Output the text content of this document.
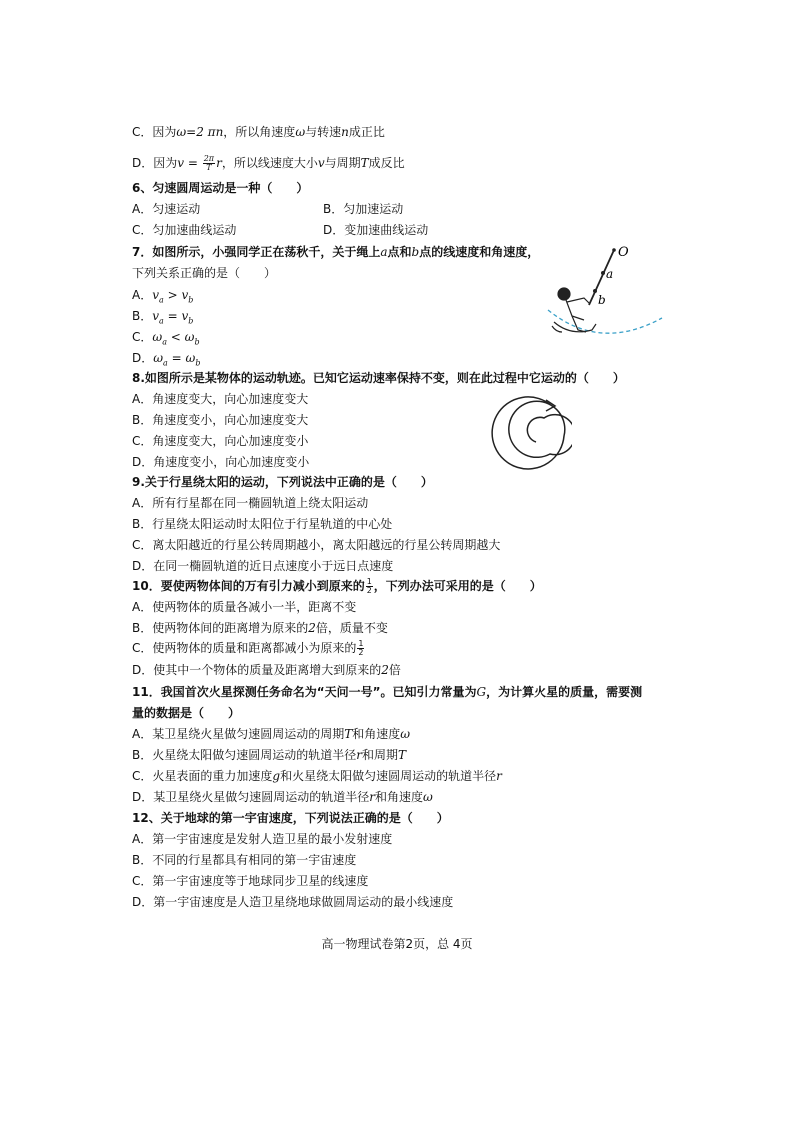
C．因为ω=2 πn，所以角速度ω与转速n成正比
D．因为$v = \frac{2\pi}{T}$ r，所以线速度大小v与周期T成反比
6、匀速圆周运动是一种（　　）
A．匀速运动	B．匀加速运动
C．匀加速曲线运动	D．变加速曲线运动
7．如图所示，小强同学正在荡秋千，关于绳上a点和b点的线速度和角速度，
下列关系正确的是（　　）
A．$v_a > v_b$
B．$v_a = v_b$
C．$\omega_a < \omega_b$
D．$\omega_a = \omega_b$
O
a
b
8.如图所示是某物体的运动轨迹。已知它运动速率保持不变，则在此过程中它运动的（　　）
A．角速度变大，向心加速度变大
B．角速度变小，向心加速度变大
C．角速度变大，向心加速度变小
D．角速度变小，向心加速度变小
9.关于行星绕太阳的运动，下列说法中正确的是（　　）
A．所有行星都在同一椭圆轨道上绕太阳运动
B．行星绕太阳运动时太阳位于行星轨道的中心处
C．离太阳越近的行星公转周期越小，离太阳越远的行星公转周期越大
D．在同一椭圆轨道的近日点速度小于远日点速度
10．要使两物体间的万有引力减小到原来的 $\frac{1}{2}$ ，下列办法可采用的是（　　）
A．使两物体的质量各减小一半，距离不变
B．使两物体间的距离增为原来的2倍，质量不变
C．使两物体的质量和距离都减小为原来的 $\frac{1}{2}$
D．使其中一个物体的质量及距离增大到原来的2倍
11．我国首次火星探测任务命名为“天问一号”。已知引力常量为G，为计算火星的质量，需要测
量的数据是（　　）
A．某卫星绕火星做匀速圆周运动的周期T和角速度ω
B．火星绕太阳做匀速圆周运动的轨道半径r和周期T
C．火星表面的重力加速度g和火星绕太阳做匀速圆周运动的轨道半径r
D．某卫星绕火星做匀速圆周运动的轨道半径r和角速度ω
12、关于地球的第一宇宙速度，下列说法正确的是（　　）
A．第一宇宙速度是发射人造卫星的最小发射速度
B．不同的行星都具有相同的第一宇宙速度
C．第一宇宙速度等于地球同步卫星的线速度
D．第一宇宙速度是人造卫星绕地球做圆周运动的最小线速度
高一物理试卷第2页，总 4页
